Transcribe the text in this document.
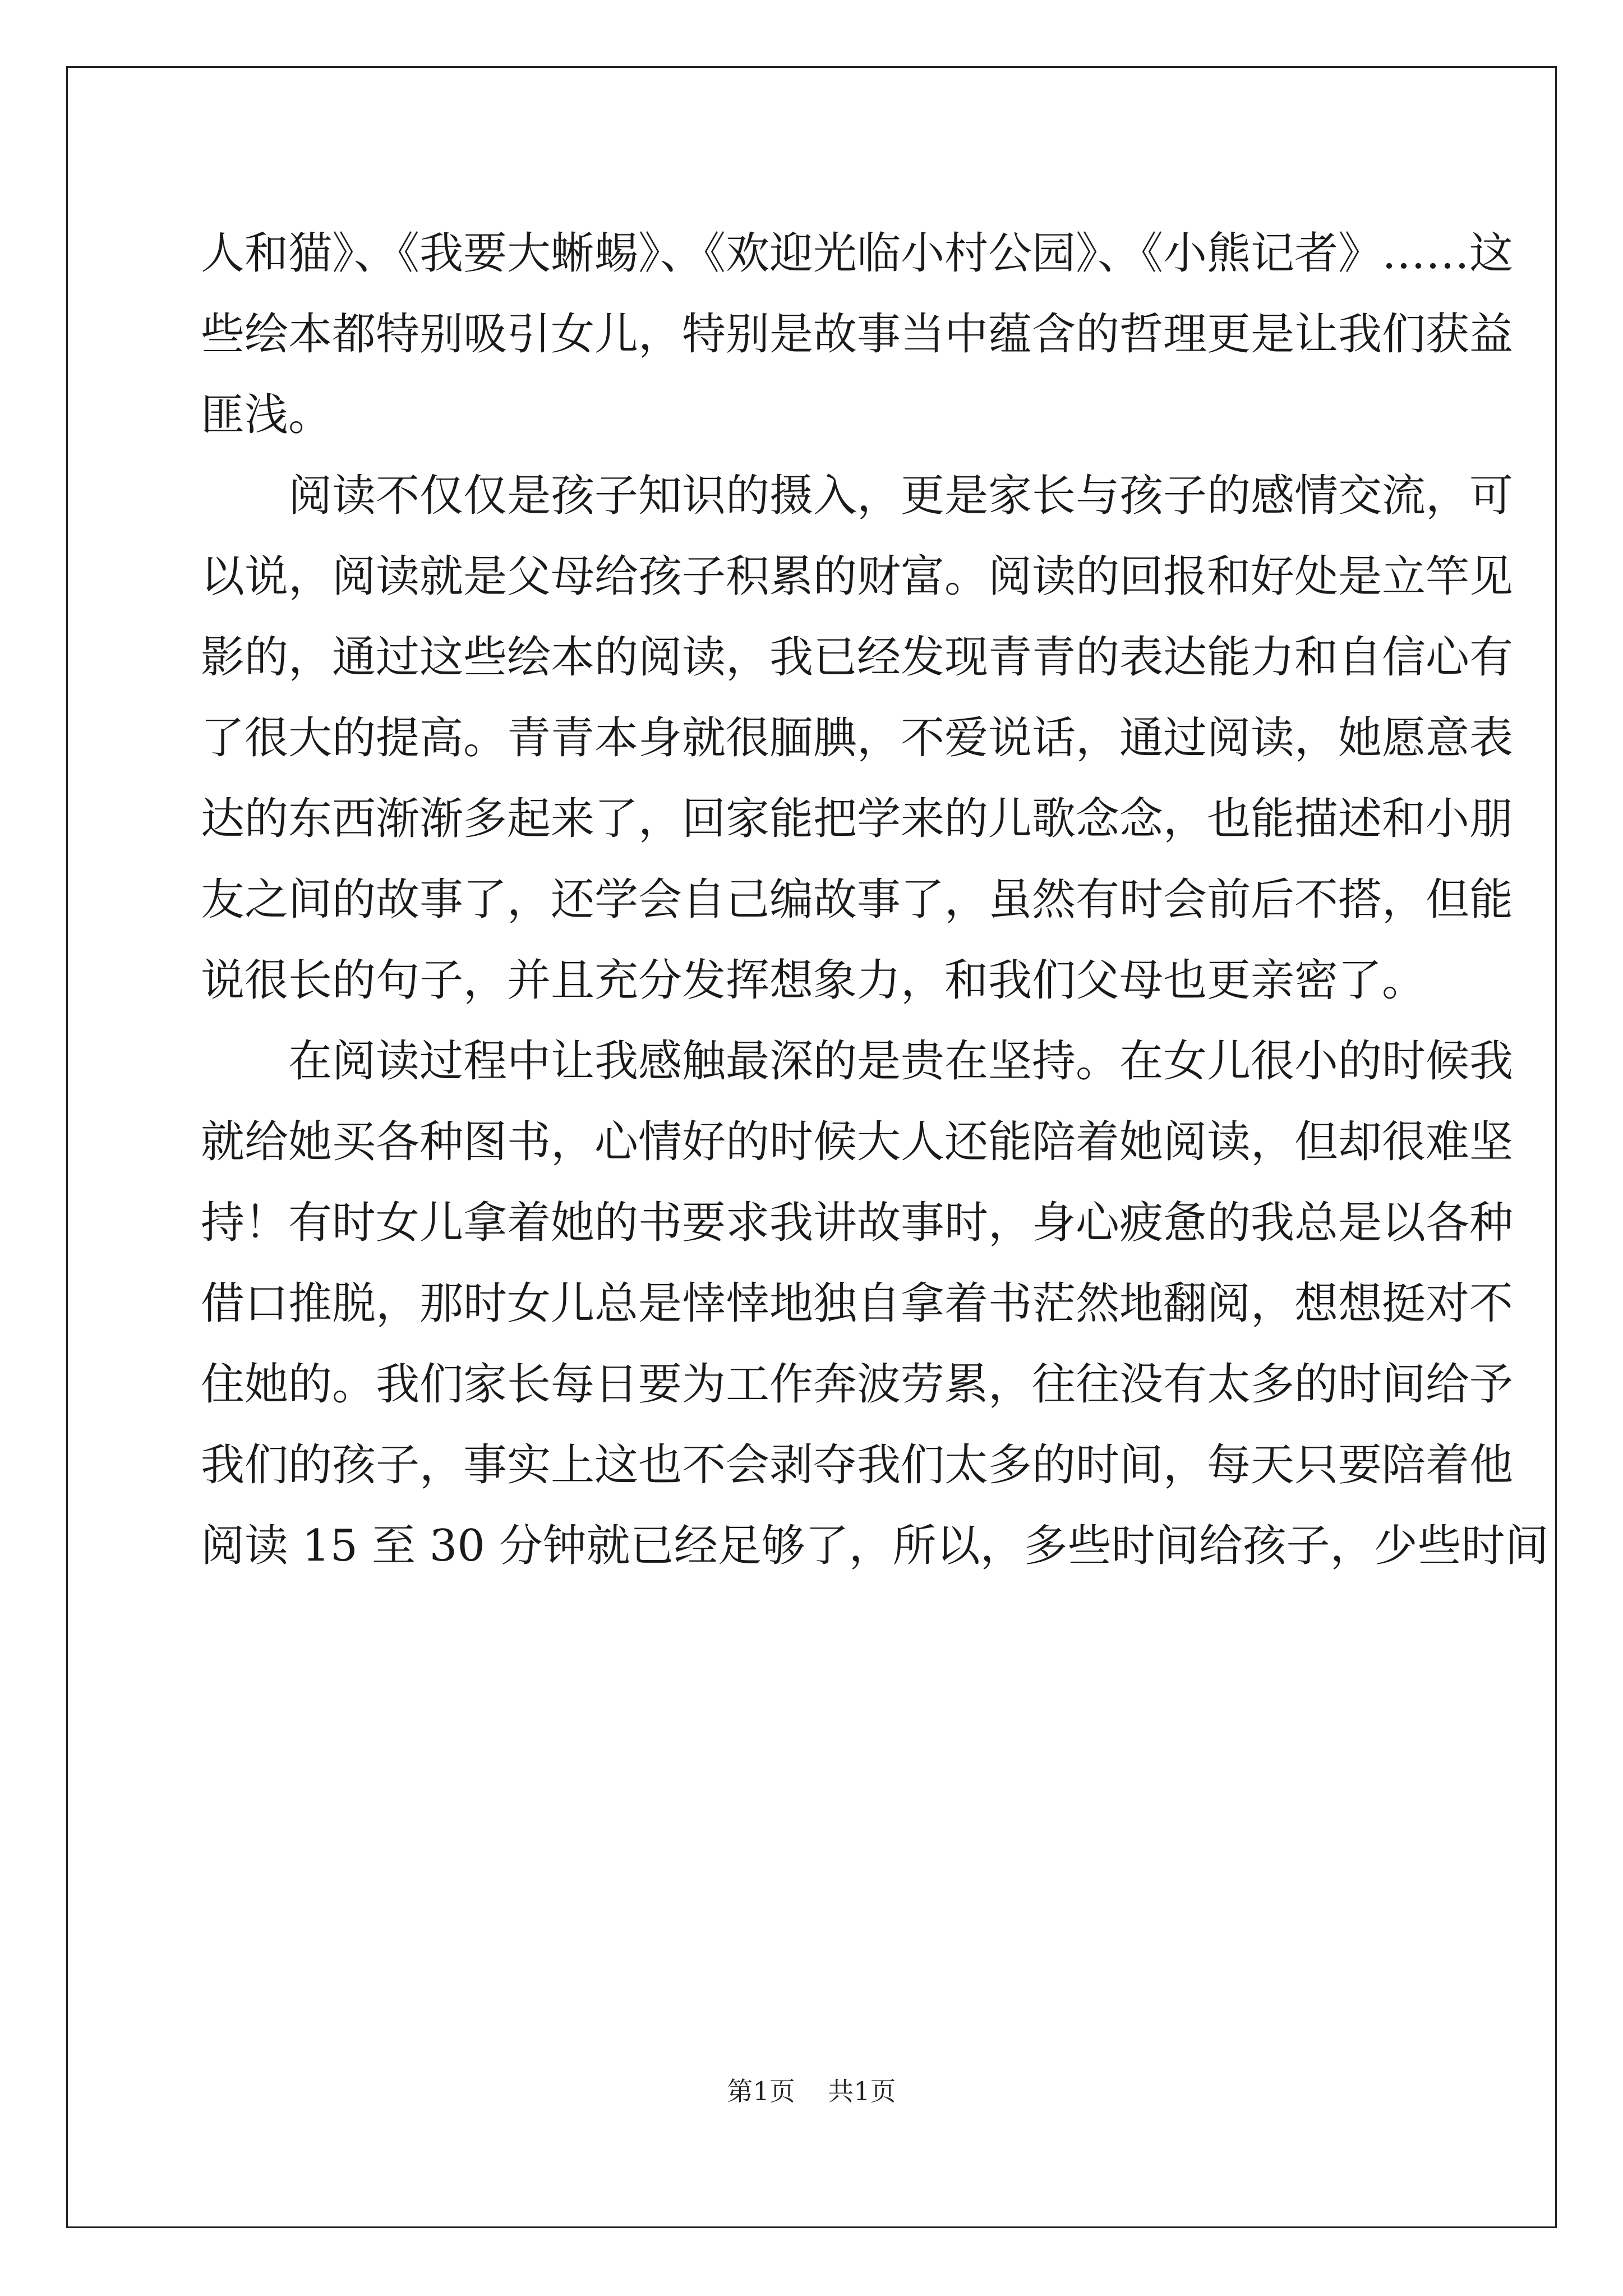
人和猫》、《我要大蜥蜴》、《欢迎光临小村公园》、《小熊记者》……这
些绘本都特别吸引女儿，特别是故事当中蕴含的哲理更是让我们获益
匪浅。
阅读不仅仅是孩子知识的摄入，更是家长与孩子的感情交流，可
以说，阅读就是父母给孩子积累的财富。阅读的回报和好处是立竿见
影的，通过这些绘本的阅读，我已经发现青青的表达能力和自信心有
了很大的提高。青青本身就很腼腆，不爱说话，通过阅读，她愿意表
达的东西渐渐多起来了，回家能把学来的儿歌念念，也能描述和小朋
友之间的故事了，还学会自己编故事了，虽然有时会前后不搭，但能
说很长的句子，并且充分发挥想象力，和我们父母也更亲密了。
在阅读过程中让我感触最深的是贵在坚持。在女儿很小的时候我
就给她买各种图书，心情好的时候大人还能陪着她阅读，但却很难坚
持！有时女儿拿着她的书要求我讲故事时，身心疲惫的我总是以各种
借口推脱，那时女儿总是悻悻地独自拿着书茫然地翻阅，想想挺对不
住她的。我们家长每日要为工作奔波劳累，往往没有太多的时间给予
我们的孩子，事实上这也不会剥夺我们太多的时间，每天只要陪着他
阅读 15 至 30 分钟就已经足够了，所以，多些时间给孩子，少些时间
第1页 共1页
